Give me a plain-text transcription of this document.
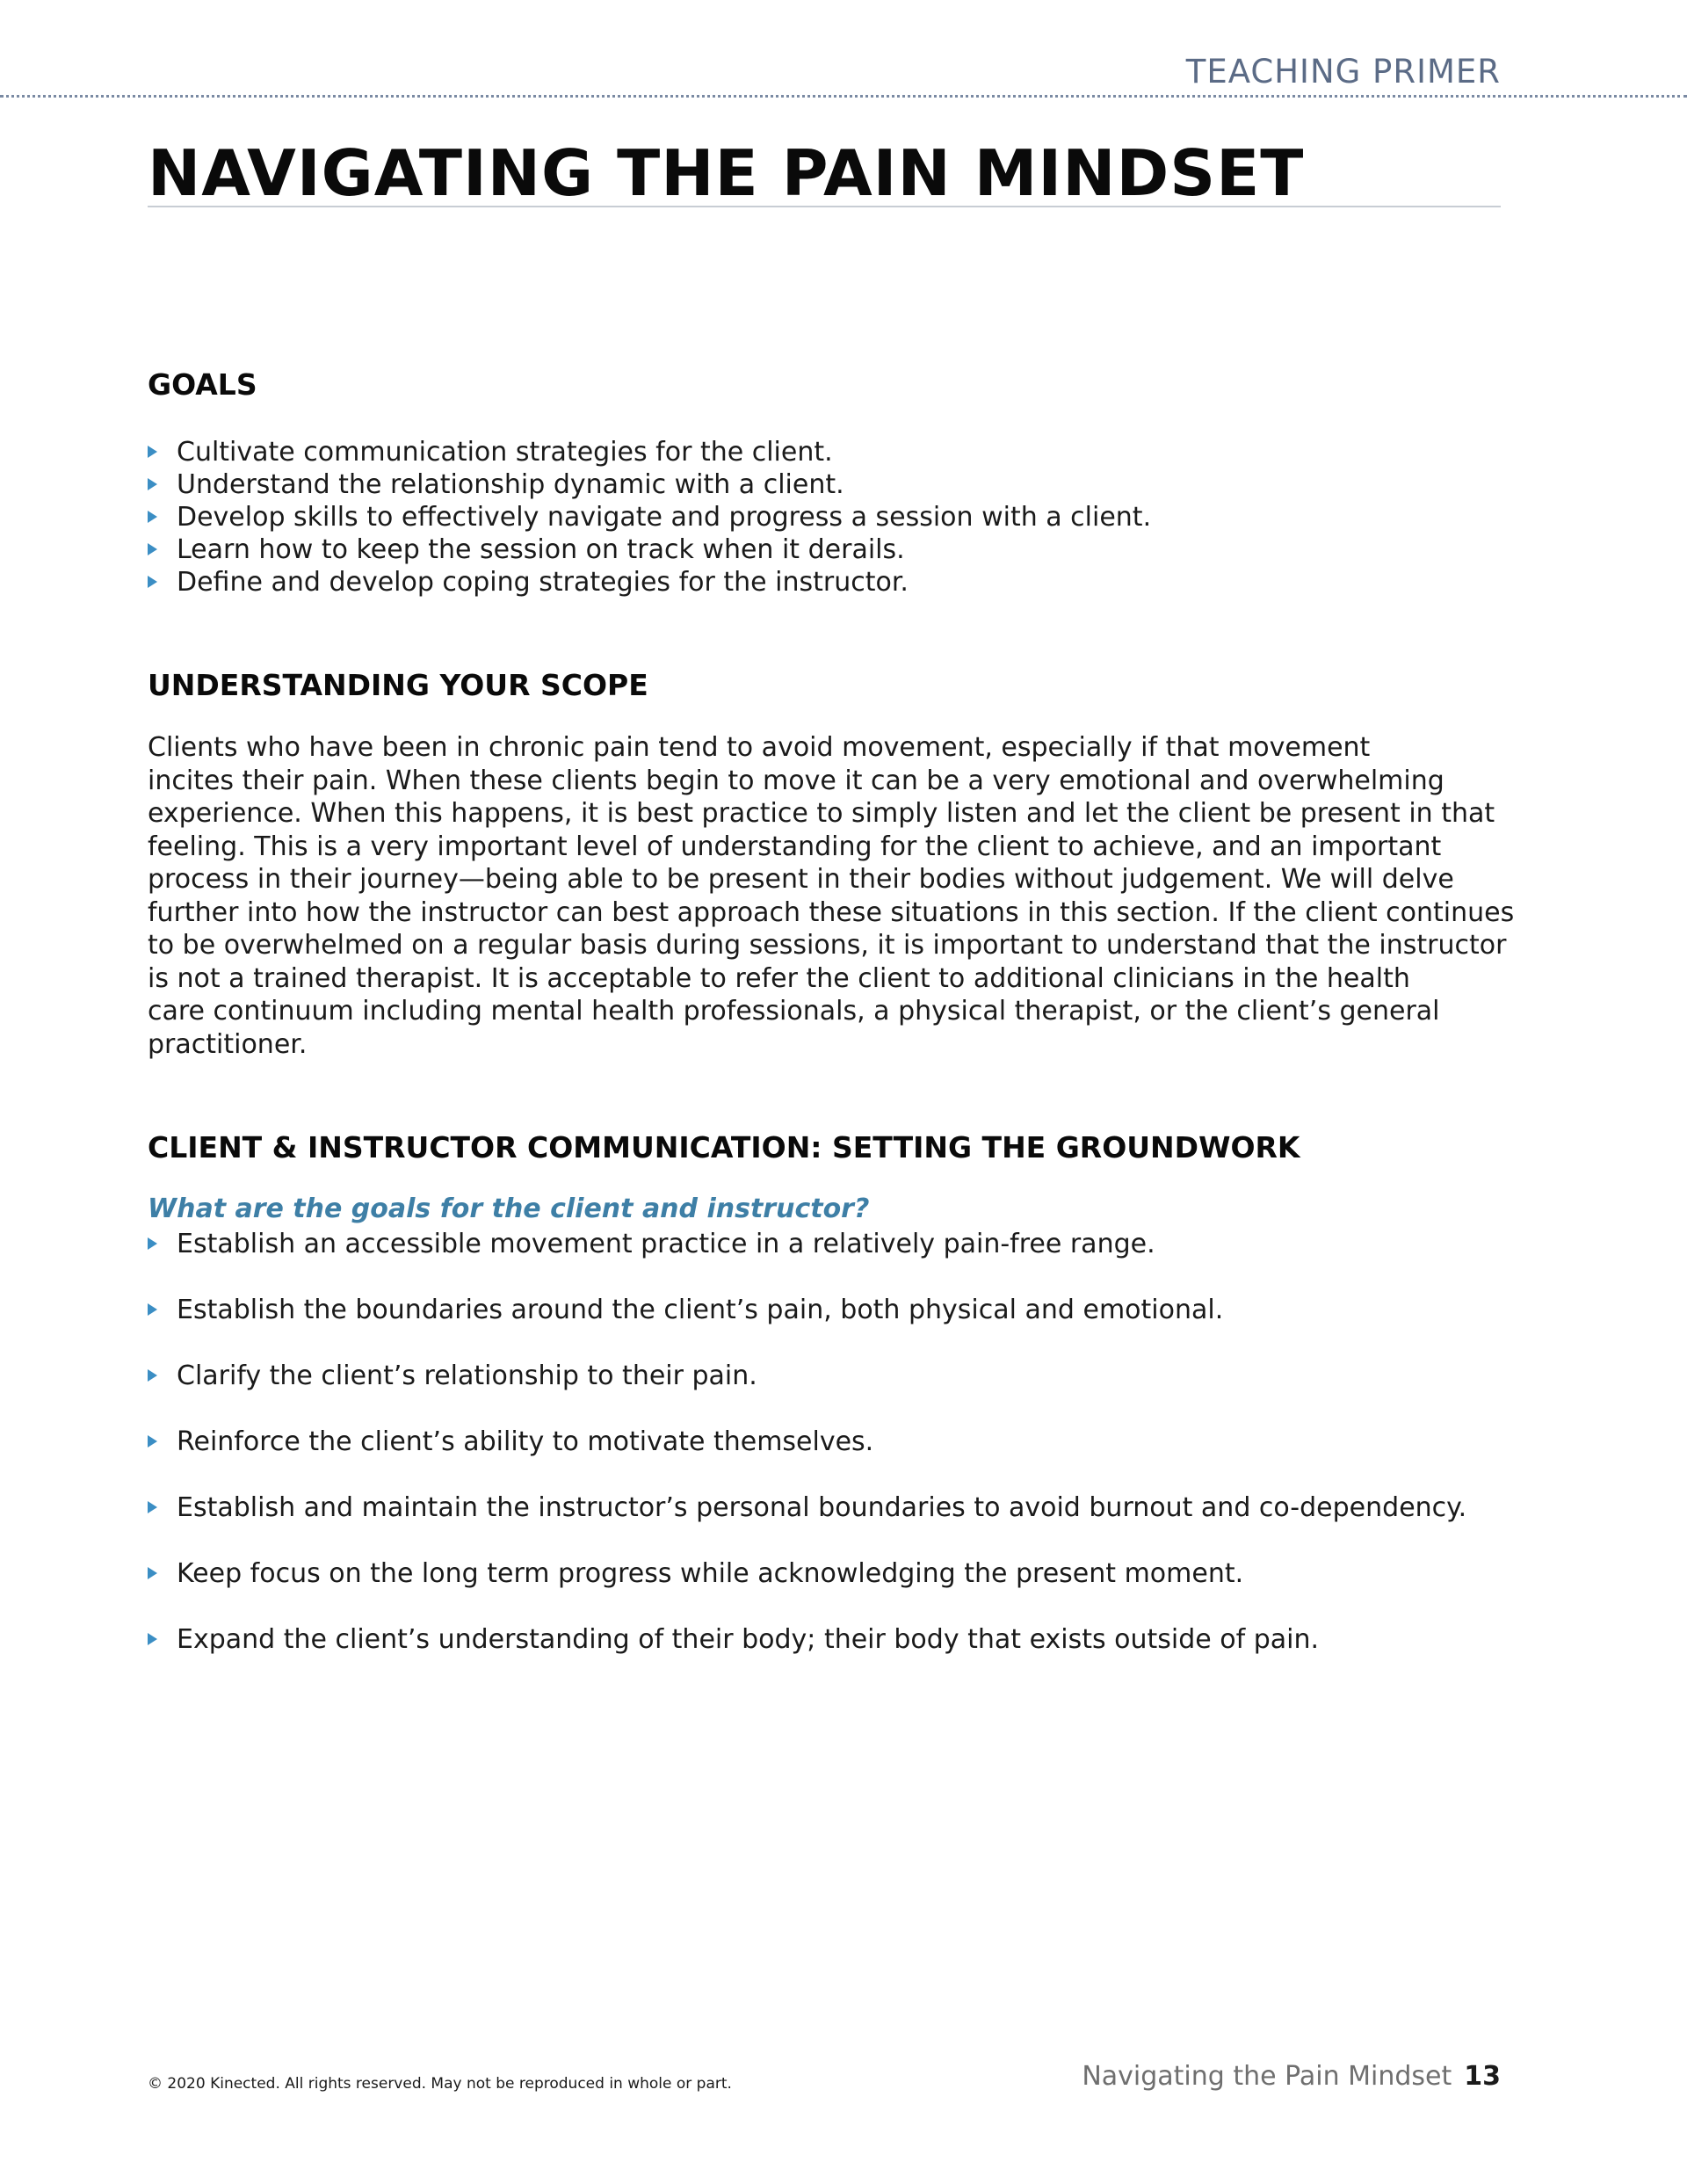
TEACHING PRIMER
NAVIGATING THE PAIN MINDSET
GOALS
Cultivate communication strategies for the client.
Understand the relationship dynamic with a client.
Develop skills to effectively navigate and progress a session with a client.
Learn how to keep the session on track when it derails.
Define and develop coping strategies for the instructor.
UNDERSTANDING YOUR SCOPE

Clients who have been in chronic pain tend to avoid movement, especially if that movement
incites their pain. When these clients begin to move it can be a very emotional and overwhelming
experience. When this happens, it is best practice to simply listen and let the client be present in that
feeling. This is a very important level of understanding for the client to achieve, and an important
process in their journey—being able to be present in their bodies without judgement. We will delve
further into how the instructor can best approach these situations in this section. If the client continues
to be overwhelmed on a regular basis during sessions, it is important to understand that the instructor
is not a trained therapist. It is acceptable to refer the client to additional clinicians in the health
care continuum including mental health professionals, a physical therapist, or the client’s general
practitioner.

CLIENT & INSTRUCTOR COMMUNICATION: SETTING THE GROUNDWORK

What are the goals for the client and instructor?

Establish an accessible movement practice in a relatively pain-free range.
Establish the boundaries around the client’s pain, both physical and emotional.
Clarify the client’s relationship to their pain.
Reinforce the client’s ability to motivate themselves.
Establish and maintain the instructor’s personal boundaries to avoid burnout and co-dependency.
Keep focus on the long term progress while acknowledging the present moment.
Expand the client’s understanding of their body; their body that exists outside of pain.

© 2020 Kinected. All rights reserved. May not be reproduced in whole or part.	Navigating the Pain Mindset 13
